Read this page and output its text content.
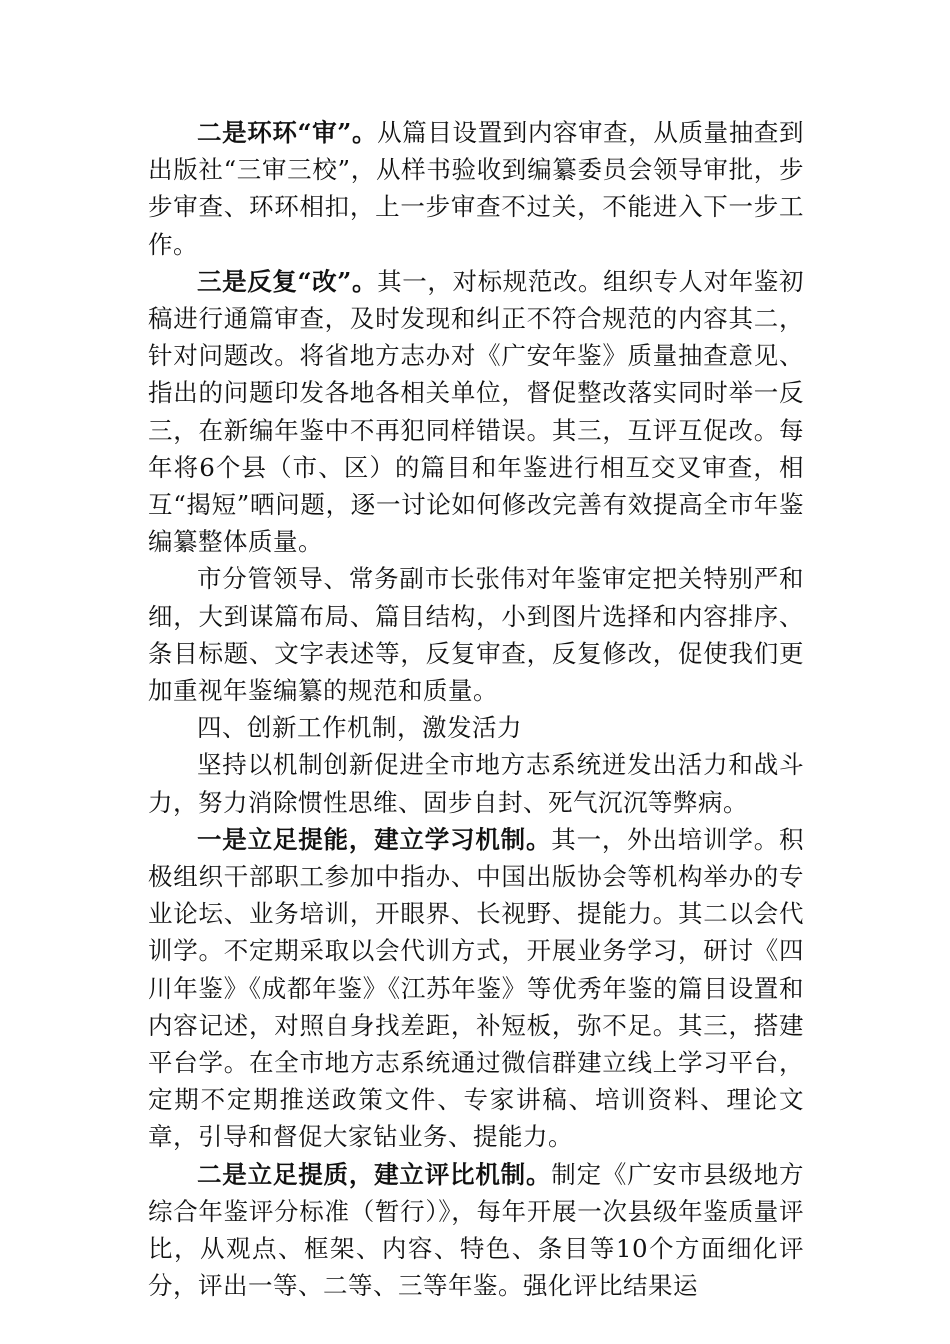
二是环环“审”。从篇目设置到内容审查，从质量抽查到出版社“三审三校”，从样书验收到编纂委员会领导审批，步步审查、环环相扣，上一步审查不过关，不能进入下一步工作。

三是反复“改”。其一，对标规范改。组织专人对年鉴初稿进行通篇审查，及时发现和纠正不符合规范的内容其二，针对问题改。将省地方志办对《广安年鉴》质量抽查意见、指出的问题印发各地各相关单位，督促整改落实同时举一反三，在新编年鉴中不再犯同样错误。其三，互评互促改。每年将6个县（市、区）的篇目和年鉴进行相互交叉审查，相互“揭短”晒问题，逐一讨论如何修改完善有效提高全市年鉴编纂整体质量。

市分管领导、常务副市长张伟对年鉴审定把关特别严和细，大到谋篇布局、篇目结构，小到图片选择和内容排序、条目标题、文字表述等，反复审查，反复修改，促使我们更加重视年鉴编纂的规范和质量。

四、创新工作机制，激发活力

坚持以机制创新促进全市地方志系统迸发出活力和战斗力，努力消除惯性思维、固步自封、死气沉沉等弊病。

一是立足提能，建立学习机制。其一，外出培训学。积极组织干部职工参加中指办、中国出版协会等机构举办的专业论坛、业务培训，开眼界、长视野、提能力。其二以会代训学。不定期采取以会代训方式，开展业务学习，研讨《四川年鉴》《成都年鉴》《江苏年鉴》等优秀年鉴的篇目设置和内容记述，对照自身找差距，补短板，弥不足。其三，搭建平台学。在全市地方志系统通过微信群建立线上学习平台，定期不定期推送政策文件、专家讲稿、培训资料、理论文章，引导和督促大家钻业务、提能力。

二是立足提质，建立评比机制。制定《广安市县级地方综合年鉴评分标准（暂行）》，每年开展一次县级年鉴质量评比，从观点、框架、内容、特色、条目等10个方面细化评分，评出一等、二等、三等年鉴。强化评比结果运
